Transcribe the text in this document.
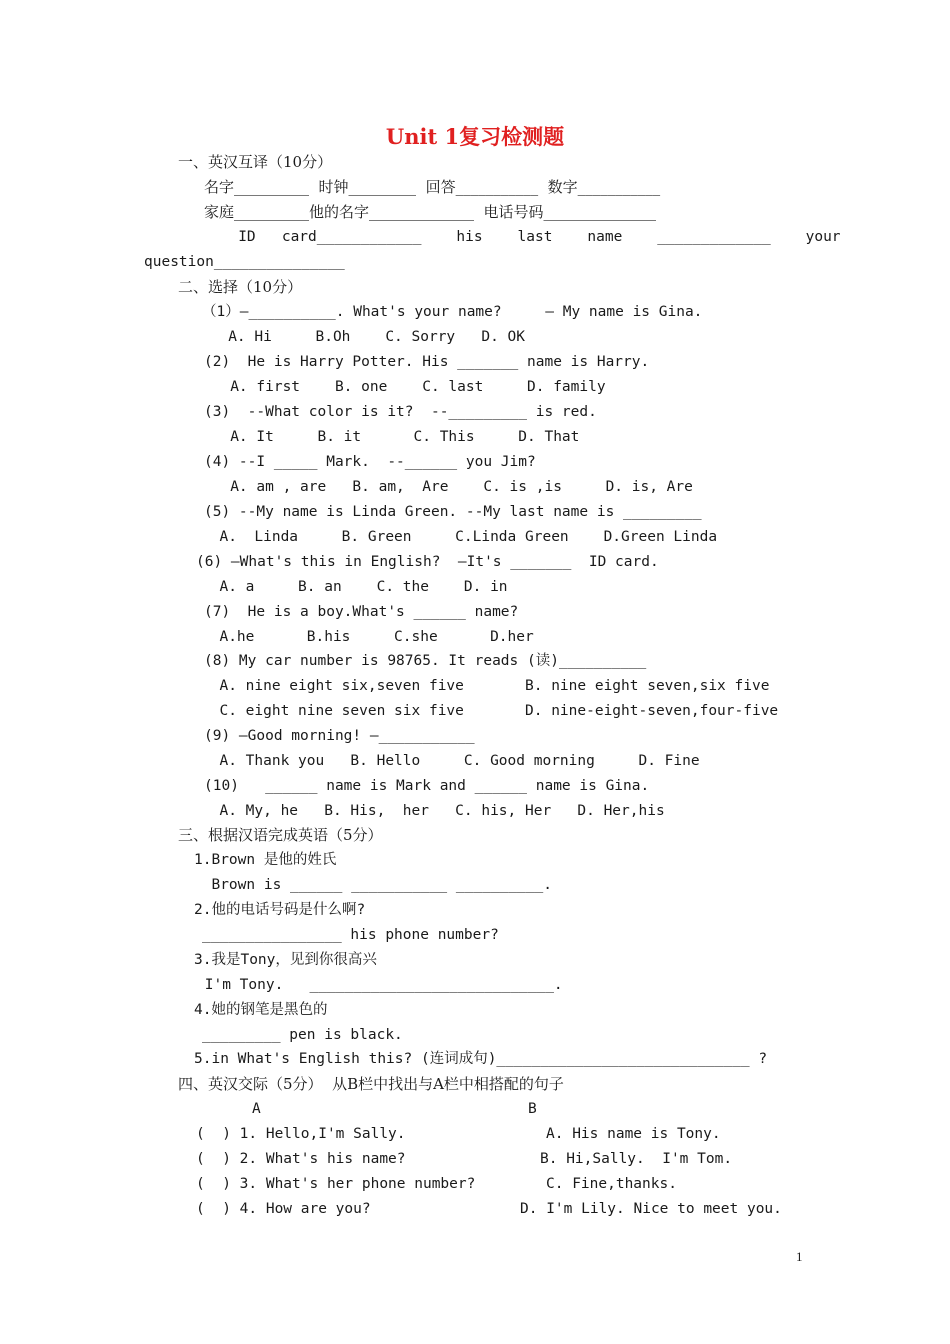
Unit 1复习检测题
一、英汉互译（10分）
名字__________  时钟_________  回答___________  数字___________
家庭__________他的名字______________  电话号码_______________
ID   card____________    his    last    name    _____________    your
question_______________
二、选择（10分）
（1）—__________. What's your name?     — My name is Gina.
A. Hi     B.Oh    C. Sorry   D. OK
(2)  He is Harry Potter. His _______ name is Harry.
A. first    B. one    C. last     D. family
(3)  --What color is it?  --_________ is red.
A. It     B. it      C. This     D. That
(4) --I _____ Mark.  --______ you Jim?
A. am , are   B. am,  Are    C. is ,is     D. is, Are
(5) --My name is Linda Green. --My last name is _________
A.  Linda     B. Green     C.Linda Green    D.Green Linda
(6) —What's this in English?  —It's _______  ID card.
A. a     B. an    C. the    D. in
(7)  He is a boy.What's ______ name?
A.he      B.his     C.she      D.her
(8) My car number is 98765. It reads (读)__________
A. nine eight six,seven five       B. nine eight seven,six five
C. eight nine seven six five       D. nine-eight-seven,four-five
(9) —Good morning! —___________
A. Thank you   B. Hello     C. Good morning     D. Fine
(10)   ______ name is Mark and ______ name is Gina.
A. My, he   B. His,  her   C. his, Her   D. Her,his
三、根据汉语完成英语（5分）
1.Brown 是他的姓氏
Brown is ______ ___________ __________.
2.他的电话号码是什么啊?
________________ his phone number?
3.我是Tony，见到你很高兴
I'm Tony.   ____________________________.
4.她的钢笔是黑色的
_________ pen is black.
5.in What's English this? (连词成句)_____________________________ ?
四、英汉交际（5分）  从B栏中找出与A栏中相搭配的句子
A	B
(  ) 1. Hello,I'm Sally.	A. His name is Tony.
(  ) 2. What's his name?	B. Hi,Sally.  I'm Tom.
(  ) 3. What's her phone number?	C. Fine,thanks.
(  ) 4. How are you?	D. I'm Lily. Nice to meet you.
1
